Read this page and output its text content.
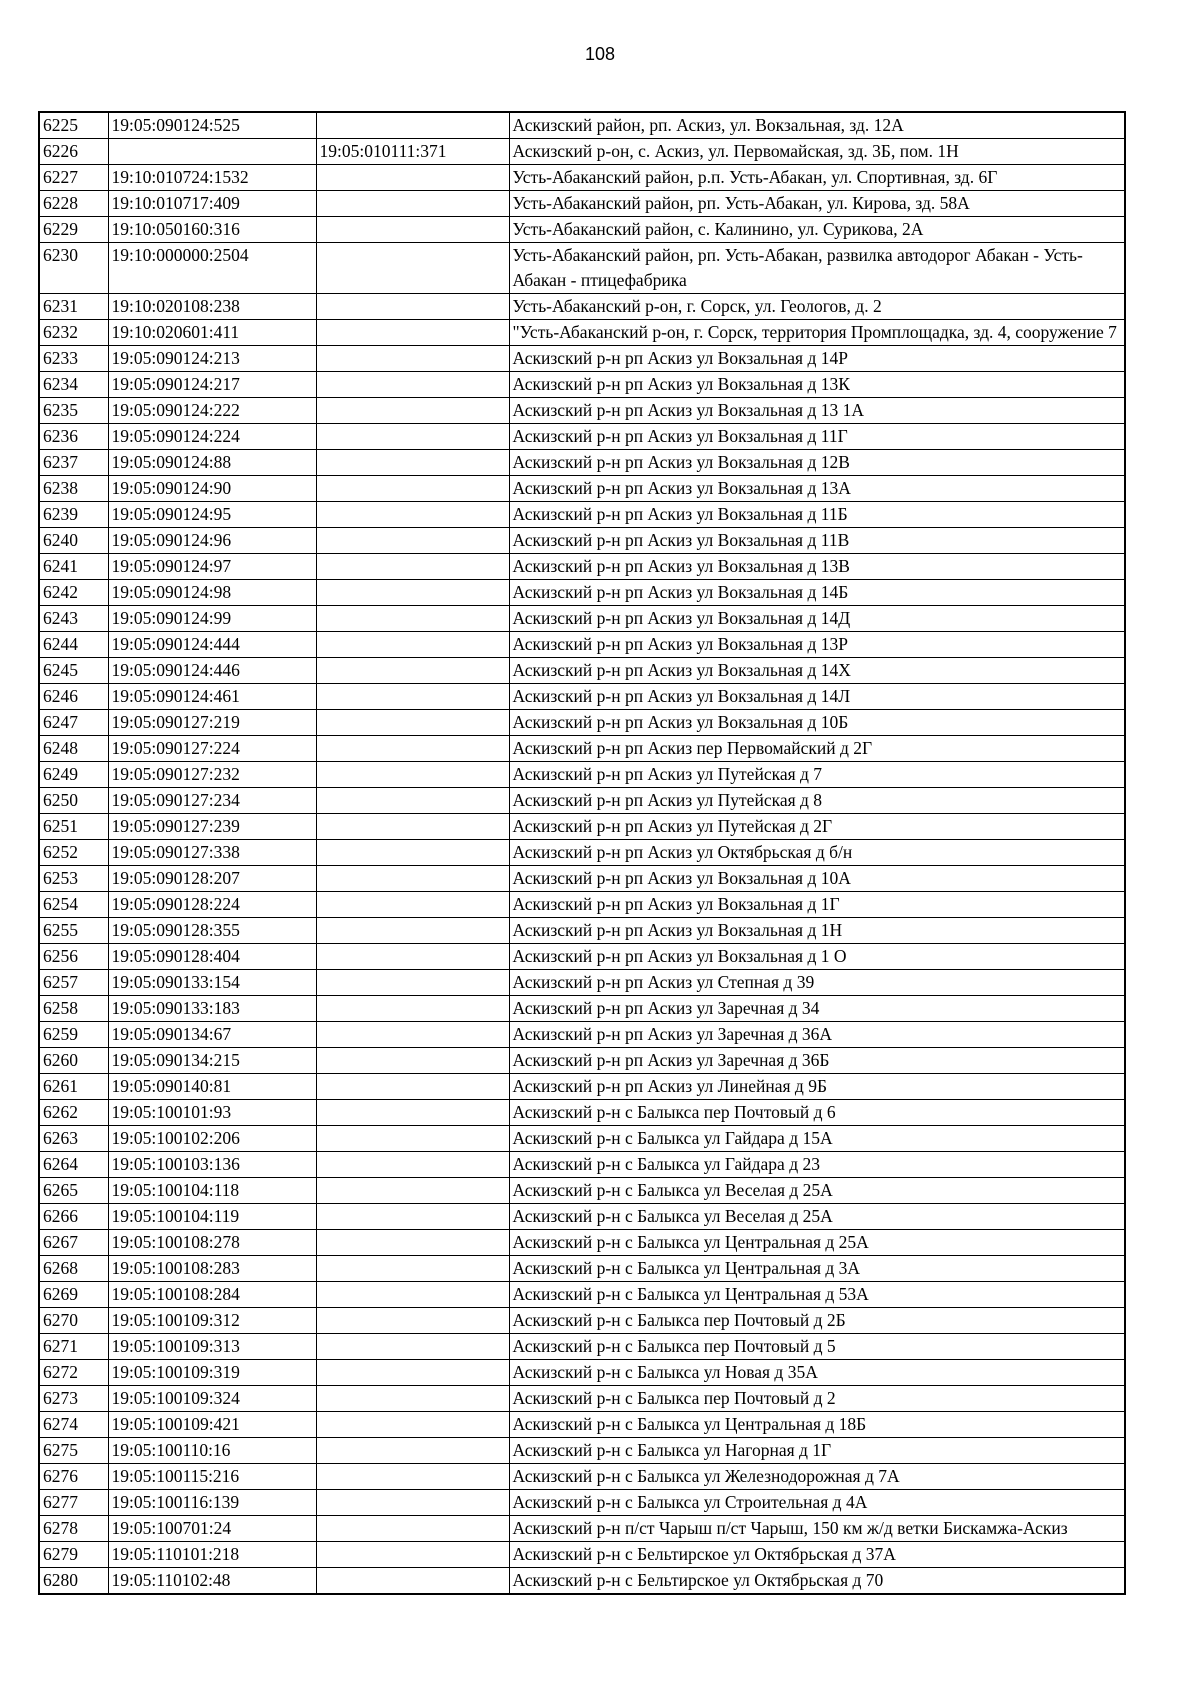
108
6225	19:05:090124:525		Аскизский район, рп. Аскиз, ул. Вокзальная, зд. 12А
6226		19:05:010111:371	Аскизский р-он, с. Аскиз, ул. Первомайская, зд. 3Б, пом. 1Н
6227	19:10:010724:1532		Усть-Абаканский район, р.п. Усть-Абакан, ул. Спортивная, зд. 6Г
6228	19:10:010717:409		Усть-Абаканский район, рп. Усть-Абакан, ул. Кирова, зд. 58А
6229	19:10:050160:316		Усть-Абаканский район, с. Калинино, ул. Сурикова, 2А
6230	19:10:000000:2504		Усть-Абаканский район, рп. Усть-Абакан, развилка автодорог Абакан - Усть-Абакан - птицефабрика
6231	19:10:020108:238		Усть-Абаканский р-он, г. Сорск, ул. Геологов, д. 2
6232	19:10:020601:411		"Усть-Абаканский р-он, г. Сорск, территория Промплощадка, зд. 4, сооружение 7
6233	19:05:090124:213		Аскизский р-н рп Аскиз ул Вокзальная д 14Р
6234	19:05:090124:217		Аскизский р-н рп Аскиз ул Вокзальная д 13К
6235	19:05:090124:222		Аскизский р-н рп Аскиз ул Вокзальная д 13 1А
6236	19:05:090124:224		Аскизский р-н рп Аскиз ул Вокзальная д 11Г
6237	19:05:090124:88		Аскизский р-н рп Аскиз ул Вокзальная д 12В
6238	19:05:090124:90		Аскизский р-н рп Аскиз ул Вокзальная д 13А
6239	19:05:090124:95		Аскизский р-н рп Аскиз ул Вокзальная д 11Б
6240	19:05:090124:96		Аскизский р-н рп Аскиз ул Вокзальная д 11В
6241	19:05:090124:97		Аскизский р-н рп Аскиз ул Вокзальная д 13В
6242	19:05:090124:98		Аскизский р-н рп Аскиз ул Вокзальная д 14Б
6243	19:05:090124:99		Аскизский р-н рп Аскиз ул Вокзальная д 14Д
6244	19:05:090124:444		Аскизский р-н рп Аскиз ул Вокзальная д 13Р
6245	19:05:090124:446		Аскизский р-н рп Аскиз ул Вокзальная д 14Х
6246	19:05:090124:461		Аскизский р-н рп Аскиз ул Вокзальная д 14Л
6247	19:05:090127:219		Аскизский р-н рп Аскиз ул Вокзальная д 10Б
6248	19:05:090127:224		Аскизский р-н рп Аскиз пер Первомайский д 2Г
6249	19:05:090127:232		Аскизский р-н рп Аскиз ул Путейская д 7
6250	19:05:090127:234		Аскизский р-н рп Аскиз ул Путейская д 8
6251	19:05:090127:239		Аскизский р-н рп Аскиз ул Путейская д 2Г
6252	19:05:090127:338		Аскизский р-н рп Аскиз ул Октябрьская д б/н
6253	19:05:090128:207		Аскизский р-н рп Аскиз ул Вокзальная д 10А
6254	19:05:090128:224		Аскизский р-н рп Аскиз ул Вокзальная д 1Г
6255	19:05:090128:355		Аскизский р-н рп Аскиз ул Вокзальная д 1Н
6256	19:05:090128:404		Аскизский р-н рп Аскиз ул Вокзальная д 1 О
6257	19:05:090133:154		Аскизский р-н рп Аскиз ул Степная д 39
6258	19:05:090133:183		Аскизский р-н рп Аскиз ул Заречная д 34
6259	19:05:090134:67		Аскизский р-н рп Аскиз ул Заречная д 36А
6260	19:05:090134:215		Аскизский р-н рп Аскиз ул Заречная д 36Б
6261	19:05:090140:81		Аскизский р-н рп Аскиз ул Линейная д 9Б
6262	19:05:100101:93		Аскизский р-н с Балыкса пер Почтовый д 6
6263	19:05:100102:206		Аскизский р-н с Балыкса ул Гайдара д 15А
6264	19:05:100103:136		Аскизский р-н с Балыкса ул Гайдара д 23
6265	19:05:100104:118		Аскизский р-н с Балыкса ул Веселая д 25А
6266	19:05:100104:119		Аскизский р-н с Балыкса ул Веселая д 25А
6267	19:05:100108:278		Аскизский р-н с Балыкса ул Центральная д 25А
6268	19:05:100108:283		Аскизский р-н с Балыкса ул Центральная д 3А
6269	19:05:100108:284		Аскизский р-н с Балыкса ул Центральная д 53А
6270	19:05:100109:312		Аскизский р-н с Балыкса пер Почтовый д 2Б
6271	19:05:100109:313		Аскизский р-н с Балыкса пер Почтовый д 5
6272	19:05:100109:319		Аскизский р-н с Балыкса ул Новая д 35А
6273	19:05:100109:324		Аскизский р-н с Балыкса пер Почтовый д 2
6274	19:05:100109:421		Аскизский р-н с Балыкса ул Центральная д 18Б
6275	19:05:100110:16		Аскизский р-н с Балыкса ул Нагорная д 1Г
6276	19:05:100115:216		Аскизский р-н с Балыкса ул Железнодорожная д 7А
6277	19:05:100116:139		Аскизский р-н с Балыкса ул Строительная д 4А
6278	19:05:100701:24		Аскизский р-н п/ст Чарыш п/ст Чарыш, 150 км ж/д ветки Бискамжа-Аскиз
6279	19:05:110101:218		Аскизский р-н с Бельтирское ул Октябрьская д 37А
6280	19:05:110102:48		Аскизский р-н с Бельтирское ул Октябрьская д 70
